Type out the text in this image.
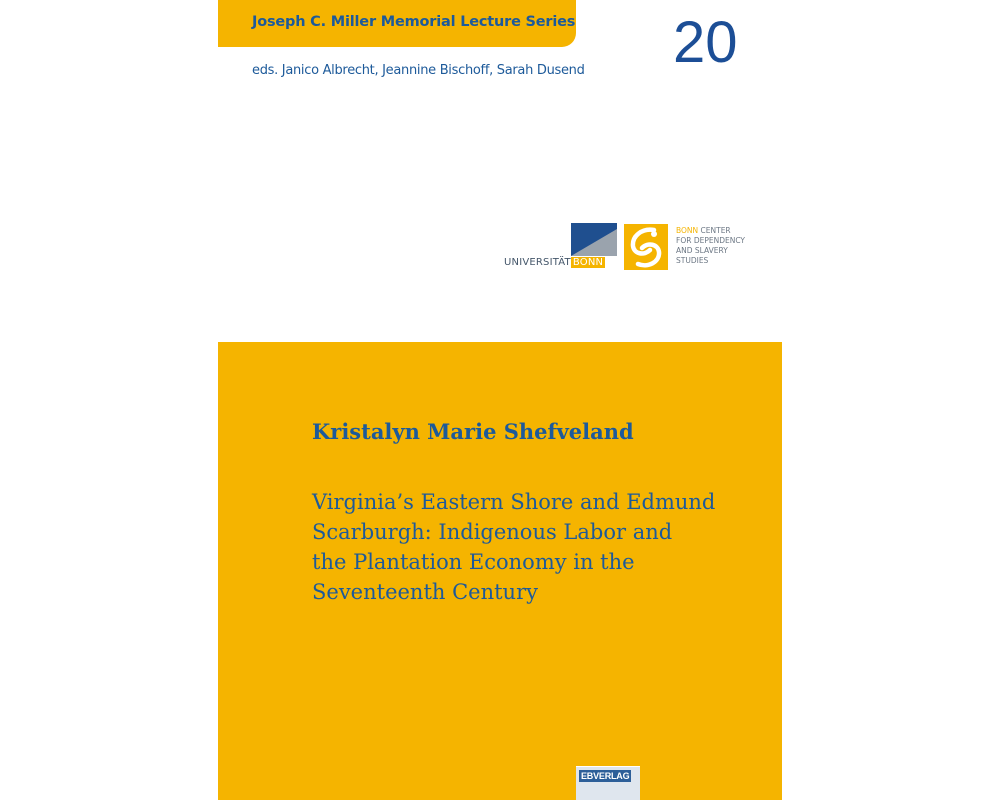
Joseph C. Miller Memorial Lecture Series 20
eds. Janico Albrecht, Jeannine Bischoff, Sarah Dusend
UNIVERSITÄT BONN
BONN CENTER
FOR DEPENDENCY
AND SLAVERY
STUDIES
Kristalyn Marie Shefveland
Virginia’s Eastern Shore and Edmund
Scarburgh: Indigenous Labor and
the Plantation Economy in the
Seventeenth Century
EBVERLAG
